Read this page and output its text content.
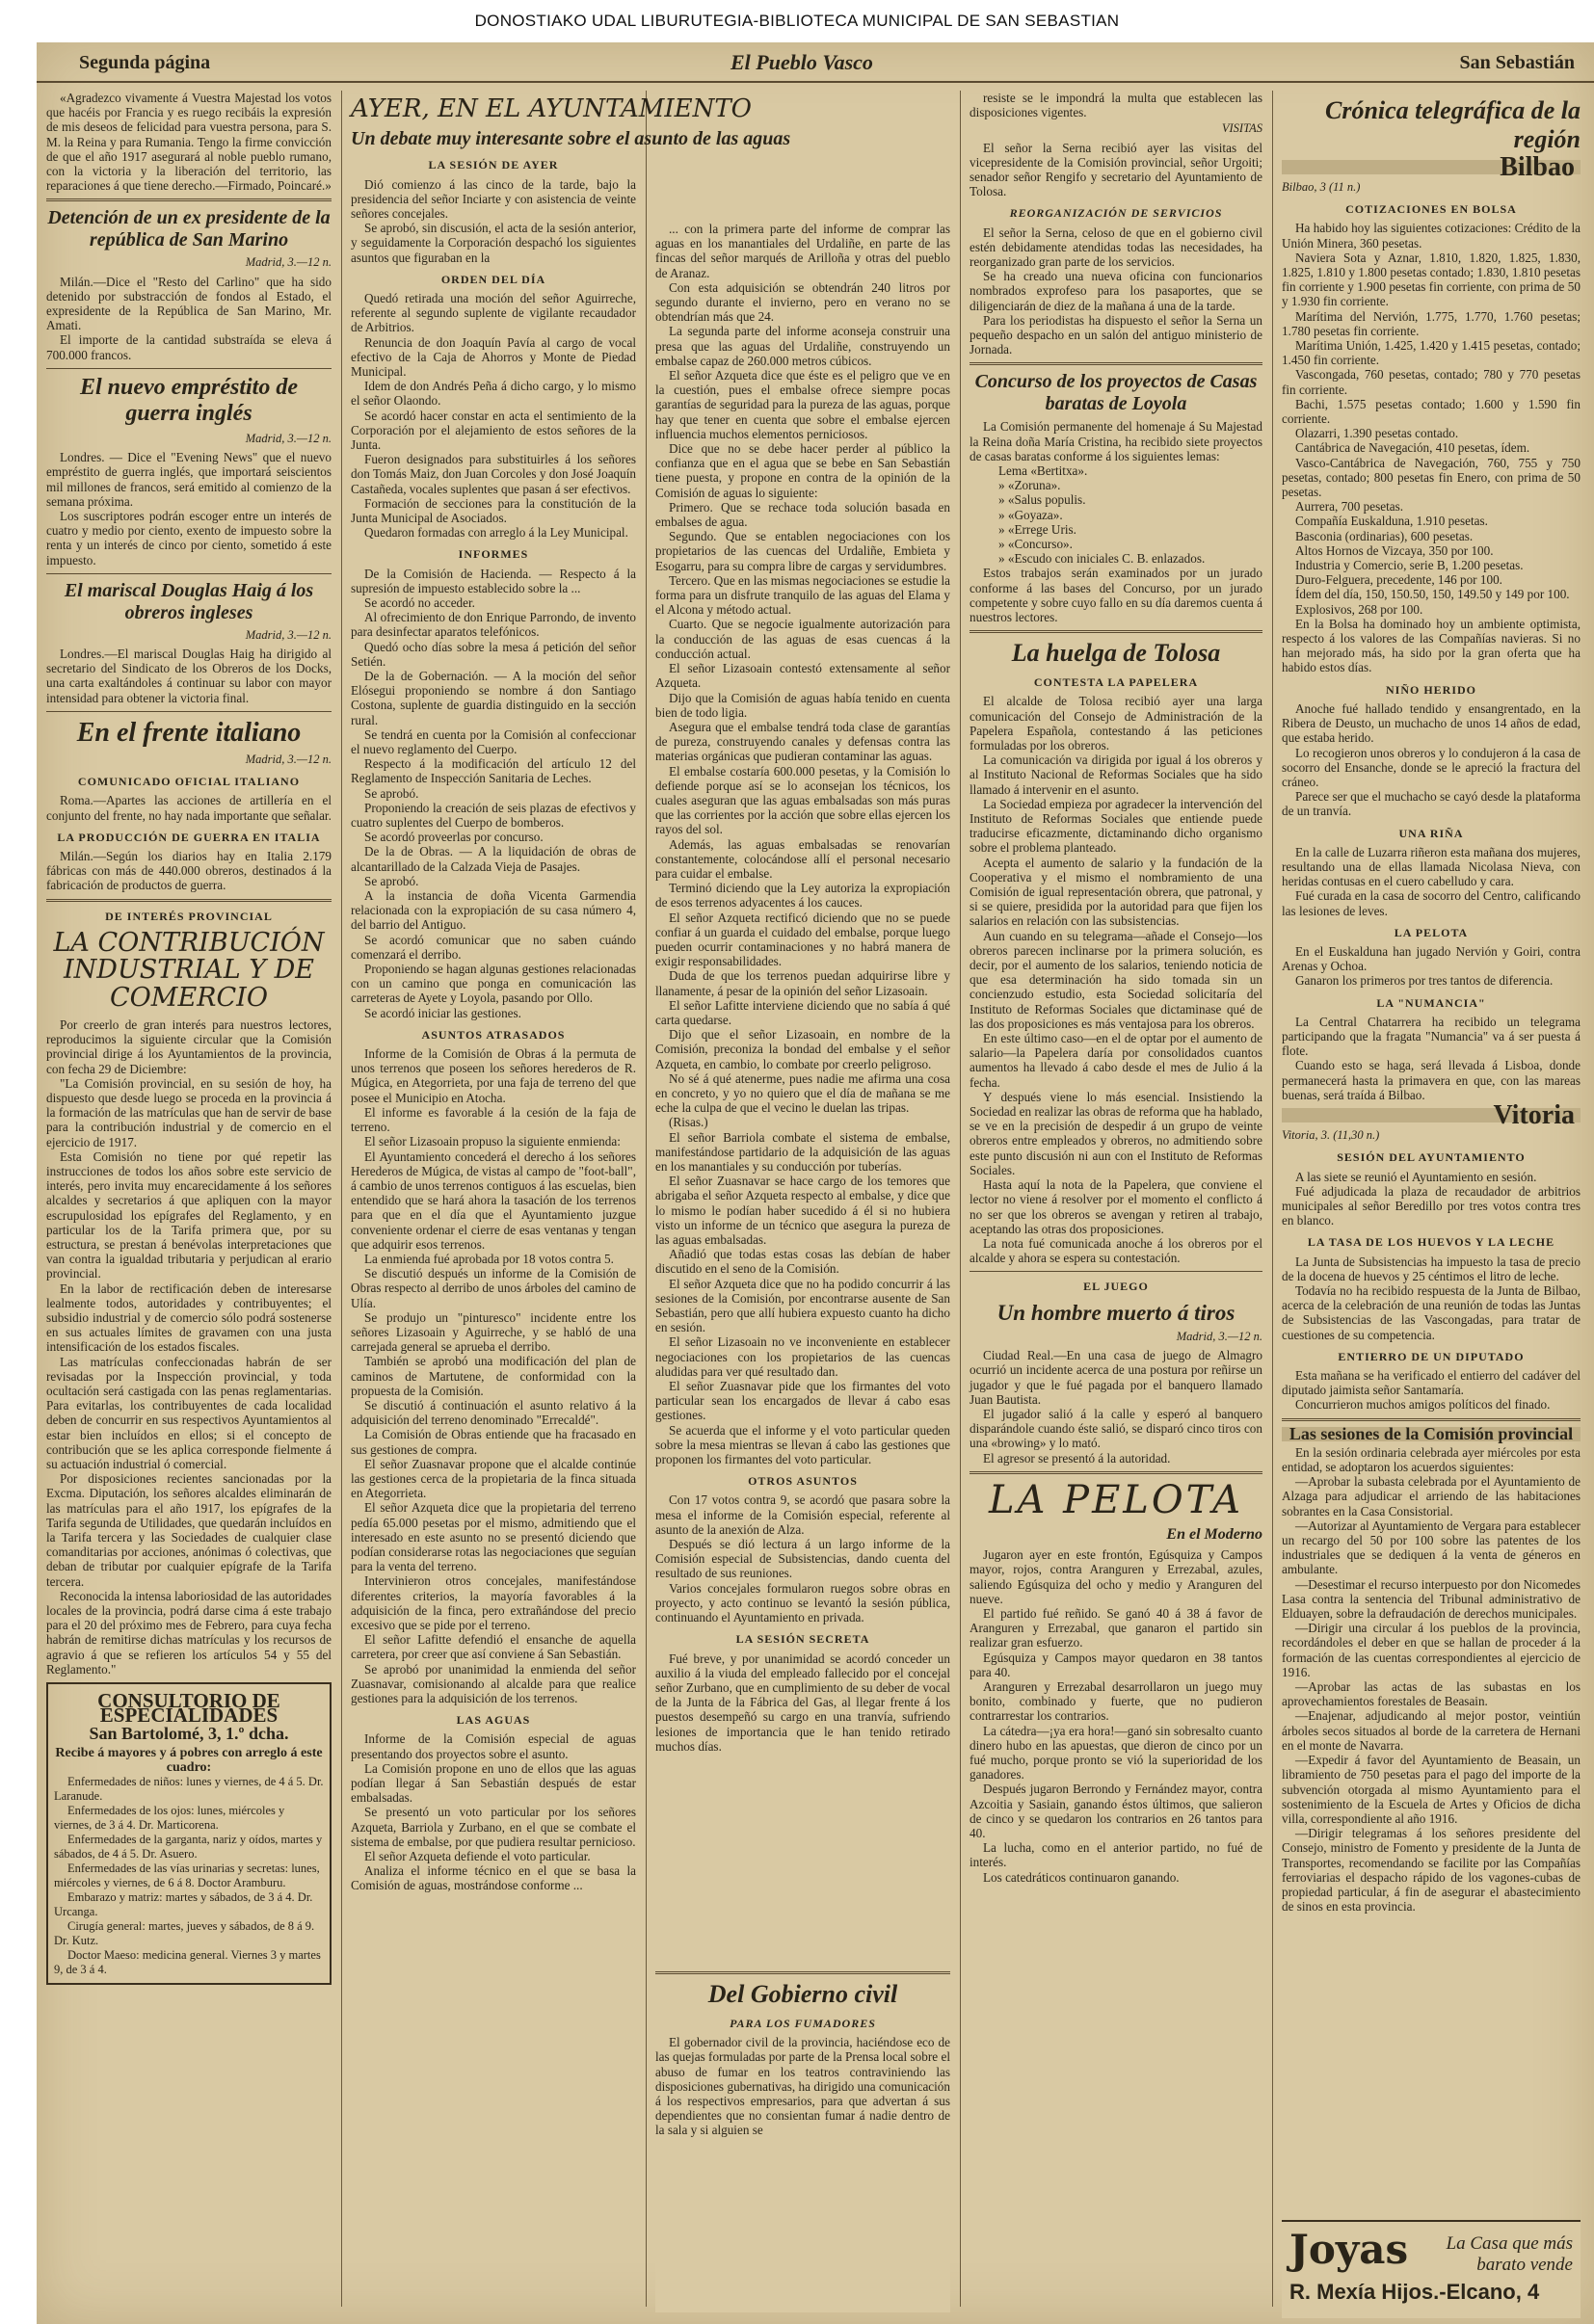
DONOSTIAKO UDAL LIBURUTEGIA-BIBLIOTECA MUNICIPAL DE SAN SEBASTIAN
Segunda página	El Pueblo Vasco	San Sebastián

«Agradezco vivamente á Vuestra Majestad los votos que hacéis por Francia y es ruego recibáis la expresión de mis deseos de felicidad para vuestra persona, para S. M. la Reina y para Rumania. Tengo la firme convicción de que el año 1917 asegurará al noble pueblo rumano, con la victoria y la liberación del territorio, las reparaciones á que tiene derecho.—Firmado, Poincaré.»

Detención de un ex presidente de la república de San Marino
Madrid, 3.—12 n.

Milán.—Dice el "Resto del Carlino" que ha sido detenido por substracción de fondos al Estado, el expresidente de la República de San Marino, Mr. Amati.

El importe de la cantidad substraída se eleva á 700.000 francos.

El nuevo empréstito de guerra inglés
Madrid, 3.—12 n.

Londres. — Dice el "Evening News" que el nuevo empréstito de guerra inglés, que importará seiscientos mil millones de francos, será emitido al comienzo de la semana próxima.

Los suscriptores podrán escoger entre un interés de cuatro y medio por ciento, exento de impuesto sobre la renta y un interés de cinco por ciento, sometido á este impuesto.

El mariscal Douglas Haig á los obreros ingleses
Madrid, 3.—12 n.

Londres.—El mariscal Douglas Haig ha dirigido al secretario del Sindicato de los Obreros de los Docks, una carta exaltándoles á continuar su labor con mayor intensidad para obtener la victoria final.

En el frente italiano
Madrid, 3.—12 n.
COMUNICADO OFICIAL ITALIANO

Roma.—Apartes las acciones de artillería en el conjunto del frente, no hay nada importante que señalar.

LA PRODUCCIÓN DE GUERRA EN ITALIA

Milán.—Según los diarios hay en Italia 2.179 fábricas con más de 440.000 obreros, destinados á la fabricación de productos de guerra.

DE INTERÉS PROVINCIAL
LA CONTRIBUCIÓN INDUSTRIAL Y DE COMERCIO

Por creerlo de gran interés para nuestros lectores, reproducimos la siguiente circular que la Comisión provincial dirige á los Ayuntamientos de la provincia, con fecha 29 de Diciembre:

"La Comisión provincial, en su sesión de hoy, ha dispuesto que desde luego se proceda en la provincia á la formación de las matrículas que han de servir de base para la contribución industrial y de comercio en el ejercicio de 1917.

Esta Comisión no tiene por qué repetir las instrucciones de todos los años sobre este servicio de interés, pero invita muy encarecidamente á los señores alcaldes y secretarios á que apliquen con la mayor escrupulosidad los epígrafes del Reglamento, y en particular los de la Tarifa primera que, por su estructura, se prestan á benévolas interpretaciones que van contra la igualdad tributaria y perjudican al erario provincial.

En la labor de rectificación deben de interesarse lealmente todos, autoridades y contribuyentes; el subsidio industrial y de comercio sólo podrá sostenerse en sus actuales límites de gravamen con una justa intensificación de los estados fiscales.

Las matrículas confeccionadas habrán de ser revisadas por la Inspección provincial, y toda ocultación será castigada con las penas reglamentarias. Para evitarlas, los contribuyentes de cada localidad deben de concurrir en sus respectivos Ayuntamientos al estar bien incluídos en ellos; si el concepto de contribución que se les aplica corresponde fielmente á su actuación industrial ó comercial.

Por disposiciones recientes sancionadas por la Excma. Diputación, los señores alcaldes eliminarán de las matrículas para el año 1917, los epígrafes de la Tarifa segunda de Utilidades, que quedarán incluídos en la Tarifa tercera y las Sociedades de cualquier clase comanditarias por acciones, anónimas ó colectivas, que deban de tributar por cualquier epígrafe de la Tarifa tercera.

Reconocida la intensa laboriosidad de las autoridades locales de la provincia, podrá darse cima á este trabajo para el 20 del próximo mes de Febrero, para cuya fecha habrán de remitirse dichas matrículas y los recursos de agravio á que se refieren los artículos 54 y 55 del Reglamento."

CONSULTORIO DE ESPECIALIDADES
San Bartolomé, 3, 1.º dcha.
Recibe á mayores y á pobres con arreglo á este cuadro:

Enfermedades de niños: lunes y viernes, de 4 á 5. Dr. Laranude.

Enfermedades de los ojos: lunes, miércoles y viernes, de 3 á 4. Dr. Marticorena.

Enfermedades de la garganta, nariz y oídos, martes y sábados, de 4 á 5. Dr. Asuero.

Enfermedades de las vías urinarias y secretas: lunes, miércoles y viernes, de 6 á 8. Doctor Aramburu.

Embarazo y matriz: martes y sábados, de 3 á 4. Dr. Urcanga.

Cirugía general: martes, jueves y sábados, de 8 á 9. Dr. Kutz.

Doctor Maeso: medicina general. Viernes 3 y martes 9, de 3 á 4.

AYER, EN EL AYUNTAMIENTO
Un debate muy interesante sobre el asunto de las aguas
LA SESIÓN DE AYER

Dió comienzo á las cinco de la tarde, bajo la presidencia del señor Inciarte y con asistencia de veinte señores concejales.

Se aprobó, sin discusión, el acta de la sesión anterior, y seguidamente la Corporación despachó los siguientes asuntos que figuraban en la

ORDEN DEL DÍA

Quedó retirada una moción del señor Aguirreche, referente al segundo suplente de vigilante recaudador de Arbitrios.

Renuncia de don Joaquín Pavía al cargo de vocal efectivo de la Caja de Ahorros y Monte de Piedad Municipal.

Idem de don Andrés Peña á dicho cargo, y lo mismo el señor Olaondo.

Se acordó hacer constar en acta el sentimiento de la Corporación por el alejamiento de estos señores de la Junta.

Fueron designados para substituirles á los señores don Tomás Maiz, don Juan Corcoles y don José Joaquín Castañeda, vocales suplentes que pasan á ser efectivos.

Formación de secciones para la constitución de la Junta Municipal de Asociados.

Quedaron formadas con arreglo á la Ley Municipal.

INFORMES

De la Comisión de Hacienda. — Respecto á la supresión de impuesto establecido sobre la ...

Se acordó no acceder.

Al ofrecimiento de don Enrique Parrondo, de invento para desinfectar aparatos telefónicos.

Quedó ocho días sobre la mesa á petición del señor Setién.

De la de Gobernación. — A la moción del señor Elósegui proponiendo se nombre á don Santiago Costona, suplente de guardia distinguido en la sección rural.

Se tendrá en cuenta por la Comisión al confeccionar el nuevo reglamento del Cuerpo.

Respecto á la modificación del artículo 12 del Reglamento de Inspección Sanitaria de Leches.

Se aprobó.

Proponiendo la creación de seis plazas de efectivos y cuatro suplentes del Cuerpo de bomberos.

Se acordó proveerlas por concurso.

De la de Obras. — A la liquidación de obras de alcantarillado de la Calzada Vieja de Pasajes.

Se aprobó.

A la instancia de doña Vicenta Garmendia relacionada con la expropiación de su casa número 4, del barrio del Antiguo.

Se acordó comunicar que no saben cuándo comenzará el derribo.

Proponiendo se hagan algunas gestiones relacionadas con un camino que ponga en comunicación las carreteras de Ayete y Loyola, pasando por Ollo.

Se acordó iniciar las gestiones.

ASUNTOS ATRASADOS

Informe de la Comisión de Obras á la permuta de unos terrenos que poseen los señores herederos de R. Múgica, en Ategorrieta, por una faja de terreno del que posee el Municipio en Atocha.

El informe es favorable á la cesión de la faja de terreno.

El señor Lizasoain propuso la siguiente enmienda:

El Ayuntamiento concederá el derecho á los señores Herederos de Múgica, de vistas al campo de "foot-ball", á cambio de unos terrenos contiguos á las escuelas, bien entendido que se hará ahora la tasación de los terrenos para que en el día que el Ayuntamiento juzgue conveniente ordenar el cierre de esas ventanas y tengan que adquirir esos terrenos.

La enmienda fué aprobada por 18 votos contra 5.

Se discutió después un informe de la Comisión de Obras respecto al derribo de unos árboles del camino de Ulía.

Se produjo un "pinturesco" incidente entre los señores Lizasoain y Aguirreche, y se habló de una carrejada general se aprueba el derribo.

También se aprobó una modificación del plan de caminos de Martutene, de conformidad con la propuesta de la Comisión.

Se discutió á continuación el asunto relativo á la adquisición del terreno denominado "Errecaldé".

La Comisión de Obras entiende que ha fracasado en sus gestiones de compra.

El señor Zuasnavar propone que el alcalde continúe las gestiones cerca de la propietaria de la finca situada en Ategorrieta.

El señor Azqueta dice que la propietaria del terreno pedía 65.000 pesetas por el mismo, admitiendo que el interesado en este asunto no se presentó diciendo que podían considerarse rotas las negociaciones que seguían para la venta del terreno.

Intervinieron otros concejales, manifestándose diferentes criterios, la mayoría favorables á la adquisición de la finca, pero extrañándose del precio excesivo que se pide por el terreno.

El señor Lafitte defendió el ensanche de aquella carretera, por creer que así conviene á San Sebastián.

Se aprobó por unanimidad la enmienda del señor Zuasnavar, comisionando al alcalde para que realice gestiones para la adquisición de los terrenos.

LAS AGUAS

Informe de la Comisión especial de aguas presentando dos proyectos sobre el asunto.

La Comisión propone en uno de ellos que las aguas podían llegar á San Sebastián después de estar embalsadas.

Se presentó un voto particular por los señores Azqueta, Barriola y Zurbano, en el que se combate el sistema de embalse, por que pudiera resultar pernicioso.

El señor Azqueta defiende el voto particular.

Analiza el informe técnico en el que se basa la Comisión de aguas, mostrándose conforme ...

... con la primera parte del informe de comprar las aguas en los manantiales del Urdaliñe, en parte de las fincas del señor marqués de Arilloña y otras del pueblo de Aranaz.

Con esta adquisición se obtendrán 240 litros por segundo durante el invierno, pero en verano no se obtendrían más que 24.

La segunda parte del informe aconseja construir una presa que las aguas del Urdaliñe, construyendo un embalse capaz de 260.000 metros cúbicos.

El señor Azqueta dice que éste es el peligro que ve en la cuestión, pues el embalse ofrece siempre pocas garantías de seguridad para la pureza de las aguas, porque hay que tener en cuenta que sobre el embalse ejercen influencia muchos elementos perniciosos.

Dice que no se debe hacer perder al público la confianza que en el agua que se bebe en San Sebastián tiene puesta, y propone en contra de la opinión de la Comisión de aguas lo siguiente:

Primero. Que se rechace toda solución basada en embalses de agua.

Segundo. Que se entablen negociaciones con los propietarios de las cuencas del Urdaliñe, Embieta y Esogarru, para su compra libre de cargas y servidumbres.

Tercero. Que en las mismas negociaciones se estudie la forma para un disfrute tranquilo de las aguas del Elama y el Alcona y método actual.

Cuarto. Que se negocie igualmente autorización para la conducción de las aguas de esas cuencas á la conducción actual.

El señor Lizasoain contestó extensamente al señor Azqueta.

Dijo que la Comisión de aguas había tenido en cuenta bien de todo ligia.

Asegura que el embalse tendrá toda clase de garantías de pureza, construyendo canales y defensas contra las materias orgánicas que pudieran contaminar las aguas.

El embalse costaría 600.000 pesetas, y la Comisión lo defiende porque así se lo aconsejan los técnicos, los cuales aseguran que las aguas embalsadas son más puras que las corrientes por la acción que sobre ellas ejercen los rayos del sol.

Además, las aguas embalsadas se renovarían constantemente, colocándose allí el personal necesario para cuidar el embalse.

Terminó diciendo que la Ley autoriza la expropiación de esos terrenos adyacentes á los cauces.

El señor Azqueta rectificó diciendo que no se puede confiar á un guarda el cuidado del embalse, porque luego pueden ocurrir contaminaciones y no habrá manera de exigir responsabilidades.

Duda de que los terrenos puedan adquirirse libre y llanamente, á pesar de la opinión del señor Lizasoain.

El señor Lafitte interviene diciendo que no sabía á qué carta quedarse.

Dijo que el señor Lizasoain, en nombre de la Comisión, preconiza la bondad del embalse y el señor Azqueta, en cambio, lo combate por creerlo peligroso.

No sé á qué atenerme, pues nadie me afirma una cosa en concreto, y yo no quiero que el día de mañana se me eche la culpa de que el vecino le duelan las tripas.

(Risas.)

El señor Barriola combate el sistema de embalse, manifestándose partidario de la adquisición de las aguas en los manantiales y su conducción por tuberías.

El señor Zuasnavar se hace cargo de los temores que abrigaba el señor Azqueta respecto al embalse, y dice que lo mismo le podían haber sucedido á él si no hubiera visto un informe de un técnico que asegura la pureza de las aguas embalsadas.

Añadió que todas estas cosas las debían de haber discutido en el seno de la Comisión.

El señor Azqueta dice que no ha podido concurrir á las sesiones de la Comisión, por encontrarse ausente de San Sebastián, pero que allí hubiera expuesto cuanto ha dicho en sesión.

El señor Lizasoain no ve inconveniente en establecer negociaciones con los propietarios de las cuencas aludidas para ver qué resultado dan.

El señor Zuasnavar pide que los firmantes del voto particular sean los encargados de llevar á cabo esas gestiones.

Se acuerda que el informe y el voto particular queden sobre la mesa mientras se llevan á cabo las gestiones que proponen los firmantes del voto particular.

OTROS ASUNTOS

Con 17 votos contra 9, se acordó que pasara sobre la mesa el informe de la Comisión especial, referente al asunto de la anexión de Alza.

Después se dió lectura á un largo informe de la Comisión especial de Subsistencias, dando cuenta del resultado de sus reuniones.

Varios concejales formularon ruegos sobre obras en proyecto, y acto continuo se levantó la sesión pública, continuando el Ayuntamiento en privada.

LA SESIÓN SECRETA

Fué breve, y por unanimidad se acordó conceder un auxilio á la viuda del empleado fallecido por el concejal señor Zurbano, que en cumplimiento de su deber de vocal de la Junta de la Fábrica del Gas, al llegar frente á los puestos desempeñó su cargo en una tranvía, sufriendo lesiones de importancia que le han tenido retirado muchos días.

resiste se le impondrá la multa que establecen las disposiciones vigentes.

VISITAS

El señor la Serna recibió ayer las visitas del vicepresidente de la Comisión provincial, señor Urgoiti; senador señor Rengifo y secretario del Ayuntamiento de Tolosa.

REORGANIZACIÓN DE SERVICIOS

El señor la Serna, celoso de que en el gobierno civil estén debidamente atendidas todas las necesidades, ha reorganizado gran parte de los servicios.

Se ha creado una nueva oficina con funcionarios nombrados exprofeso para los pasaportes, que se diligenciarán de diez de la mañana á una de la tarde.

Para los periodistas ha dispuesto el señor la Serna un pequeño despacho en un salón del antiguo ministerio de Jornada.

Concurso de los proyectos de Casas baratas de Loyola

La Comisión permanente del homenaje á Su Majestad la Reina doña María Cristina, ha recibido siete proyectos de casas baratas conforme á los siguientes lemas:

Lema «Bertitxa».
» «Zoruna».
» «Salus populis.
» «Goyaza».
» «Errege Uris.
» «Concurso».
» «Escudo con iniciales C. B. enlazados.

Estos trabajos serán examinados por un jurado conforme á las bases del Concurso, por un jurado competente y sobre cuyo fallo en su día daremos cuenta á nuestros lectores.

La huelga de Tolosa
CONTESTA LA PAPELERA

El alcalde de Tolosa recibió ayer una larga comunicación del Consejo de Administración de la Papelera Española, contestando á las peticiones formuladas por los obreros.

La comunicación va dirigida por igual á los obreros y al Instituto Nacional de Reformas Sociales que ha sido llamado á intervenir en el asunto.

La Sociedad empieza por agradecer la intervención del Instituto de Reformas Sociales que entiende puede traducirse eficazmente, dictaminando dicho organismo sobre el problema planteado.

Acepta el aumento de salario y la fundación de la Cooperativa y el mismo el nombramiento de una Comisión de igual representación obrera, que patronal, y si se quiere, presidida por la autoridad para que fijen los salarios en relación con las subsistencias.

Aun cuando en su telegrama—añade el Consejo—los obreros parecen inclinarse por la primera solución, es decir, por el aumento de los salarios, teniendo noticia de que esa determinación ha sido tomada sin un concienzudo estudio, esta Sociedad solicitaría del Instituto de Reformas Sociales que dictaminase qué de las dos proposiciones es más ventajosa para los obreros.

En este último caso—en el de optar por el aumento de salario—la Papelera daría por consolidados cuantos aumentos ha llevado á cabo desde el mes de Julio á la fecha.

Y después viene lo más esencial. Insistiendo la Sociedad en realizar las obras de reforma que ha hablado, se ve en la precisión de despedir á un grupo de veinte obreros entre empleados y obreros, no admitiendo sobre este punto discusión ni aun con el Instituto de Reformas Sociales.

Hasta aquí la nota de la Papelera, que conviene el lector no viene á resolver por el momento el conflicto á no ser que los obreros se avengan y retiren al trabajo, aceptando las otras dos proposiciones.

La nota fué comunicada anoche á los obreros por el alcalde y ahora se espera su contestación.

EL JUEGO
Un hombre muerto á tiros
Madrid, 3.—12 n.

Ciudad Real.—En una casa de juego de Almagro ocurrió un incidente acerca de una postura por reñirse un jugador y que le fué pagada por el banquero llamado Juan Bautista.

El jugador salió á la calle y esperó al banquero disparándole cuando éste salió, se disparó cinco tiros con una «browing» y lo mató.

El agresor se presentó á la autoridad.

LA PELOTA
En el Moderno

Jugaron ayer en este frontón, Egúsquiza y Campos mayor, rojos, contra Aranguren y Errezabal, azules, saliendo Egúsquiza del ocho y medio y Aranguren del nueve.

El partido fué reñido. Se ganó 40 á 38 á favor de Aranguren y Errezabal, que ganaron el partido sin realizar gran esfuerzo.

Egúsquiza y Campos mayor quedaron en 38 tantos para 40.

Aranguren y Errezabal desarrollaron un juego muy bonito, combinado y fuerte, que no pudieron contrarrestar los contrarios.

La cátedra—¡ya era hora!—ganó sin sobresalto cuanto dinero hubo en las apuestas, que dieron de cinco por un fué mucho, porque pronto se vió la superioridad de los ganadores.

Después jugaron Berrondo y Fernández mayor, contra Azcoitia y Sasiain, ganando éstos últimos, que salieron de cinco y se quedaron los contrarios en 26 tantos para 40.

La lucha, como en el anterior partido, no fué de interés.

Los catedráticos continuaron ganando.

Del Gobierno civil
PARA LOS FUMADORES

El gobernador civil de la provincia, haciéndose eco de las quejas formuladas por parte de la Prensa local sobre el abuso de fumar en los teatros contraviniendo las disposiciones gubernativas, ha dirigido una comunicación á los respectivos empresarios, para que advertan á sus dependientes que no consientan fumar á nadie dentro de la sala y si alguien se

Crónica telegráfica de la región
Bilbao
Bilbao, 3 (11 n.)
COTIZACIONES EN BOLSA

Ha habido hoy las siguientes cotizaciones: Crédito de la Unión Minera, 360 pesetas.

Naviera Sota y Aznar, 1.810, 1.820, 1.825, 1.830, 1.825, 1.810 y 1.800 pesetas contado; 1.830, 1.810 pesetas fin corriente y 1.900 pesetas fin corriente, con prima de 50 y 1.930 fin corriente.

Marítima del Nervión, 1.775, 1.770, 1.760 pesetas; 1.780 pesetas fin corriente.

Marítima Unión, 1.425, 1.420 y 1.415 pesetas, contado; 1.450 fin corriente.

Vascongada, 760 pesetas, contado; 780 y 770 pesetas fin corriente.

Bachi, 1.575 pesetas contado; 1.600 y 1.590 fin corriente.

Olazarri, 1.390 pesetas contado.

Cantábrica de Navegación, 410 pesetas, ídem.

Vasco-Cantábrica de Navegación, 760, 755 y 750 pesetas, contado; 800 pesetas fin Enero, con prima de 50 pesetas.

Aurrera, 700 pesetas.

Compañía Euskalduna, 1.910 pesetas.

Basconia (ordinarias), 600 pesetas.

Altos Hornos de Vizcaya, 350 por 100.

Industria y Comercio, serie B, 1.200 pesetas.

Duro-Felguera, precedente, 146 por 100.

Ídem del día, 150, 150.50, 150, 149.50 y 149 por 100.

Explosivos, 268 por 100.

En la Bolsa ha dominado hoy un ambiente optimista, respecto á los valores de las Compañías navieras. Si no han mejorado más, ha sido por la gran oferta que ha habido estos días.

NIÑO HERIDO

Anoche fué hallado tendido y ensangrentado, en la Ribera de Deusto, un muchacho de unos 14 años de edad, que estaba herido.

Lo recogieron unos obreros y lo condujeron á la casa de socorro del Ensanche, donde se le apreció la fractura del cráneo.

Parece ser que el muchacho se cayó desde la plataforma de un tranvía.

UNA RIÑA

En la calle de Luzarra riñeron esta mañana dos mujeres, resultando una de ellas llamada Nicolasa Nieva, con heridas contusas en el cuero cabelludo y cara.

Fué curada en la casa de socorro del Centro, calificando las lesiones de leves.

LA PELOTA

En el Euskalduna han jugado Nervión y Goiri, contra Arenas y Ochoa.

Ganaron los primeros por tres tantos de diferencia.

LA "NUMANCIA"

La Central Chatarrera ha recibido un telegrama participando que la fragata "Numancia" va á ser puesta á flote.

Cuando esto se haga, será llevada á Lisboa, donde permanecerá hasta la primavera en que, con las mareas buenas, será traída á Bilbao.

Vitoria
Vitoria, 3. (11,30 n.)
SESIÓN DEL AYUNTAMIENTO

A las siete se reunió el Ayuntamiento en sesión.

Fué adjudicada la plaza de recaudador de arbitrios municipales al señor Beredillo por tres votos contra tres en blanco.

LA TASA DE LOS HUEVOS Y LA LECHE

La Junta de Subsistencias ha impuesto la tasa de precio de la docena de huevos y 25 céntimos el litro de leche.

Todavía no ha recibido respuesta de la Junta de Bilbao, acerca de la celebración de una reunión de todas las Juntas de Subsistencias de las Vascongadas, para tratar de cuestiones de su competencia.

ENTIERRO DE UN DIPUTADO

Esta mañana se ha verificado el entierro del cadáver del diputado jaimista señor Santamaría.

Concurrieron muchos amigos políticos del finado.

Las sesiones de la Comisión provincial

En la sesión ordinaria celebrada ayer miércoles por esta entidad, se adoptaron los acuerdos siguientes:

—Aprobar la subasta celebrada por el Ayuntamiento de Alzaga para adjudicar el arriendo de las habitaciones sobrantes en la Casa Consistorial.

—Autorizar al Ayuntamiento de Vergara para establecer un recargo del 50 por 100 sobre las patentes de los industriales que se dediquen á la venta de géneros en ambulante.

—Desestimar el recurso interpuesto por don Nicomedes Lasa contra la sentencia del Tribunal administrativo de Elduayen, sobre la defraudación de derechos municipales.

—Dirigir una circular á los pueblos de la provincia, recordándoles el deber en que se hallan de proceder á la formación de las cuentas correspondientes al ejercicio de 1916.

—Aprobar las actas de las subastas en los aprovechamientos forestales de Beasain.

—Enajenar, adjudicando al mejor postor, veintiún árboles secos situados al borde de la carretera de Hernani en el monte de Navarra.

—Expedir á favor del Ayuntamiento de Beasain, un libramiento de 750 pesetas para el pago del importe de la subvención otorgada al mismo Ayuntamiento para el sostenimiento de la Escuela de Artes y Oficios de dicha villa, correspondiente al año 1916.

—Dirigir telegramas á los señores presidente del Consejo, ministro de Fomento y presidente de la Junta de Transportes, recomendando se facilite por las Compañías ferroviarias el despacho rápido de los vagones-cubas de propiedad particular, á fin de asegurar el abastecimiento de sinos en esta provincia.

Joyas La Casa que más
barato vende
R. Mexía Hijos.-Elcano, 4
